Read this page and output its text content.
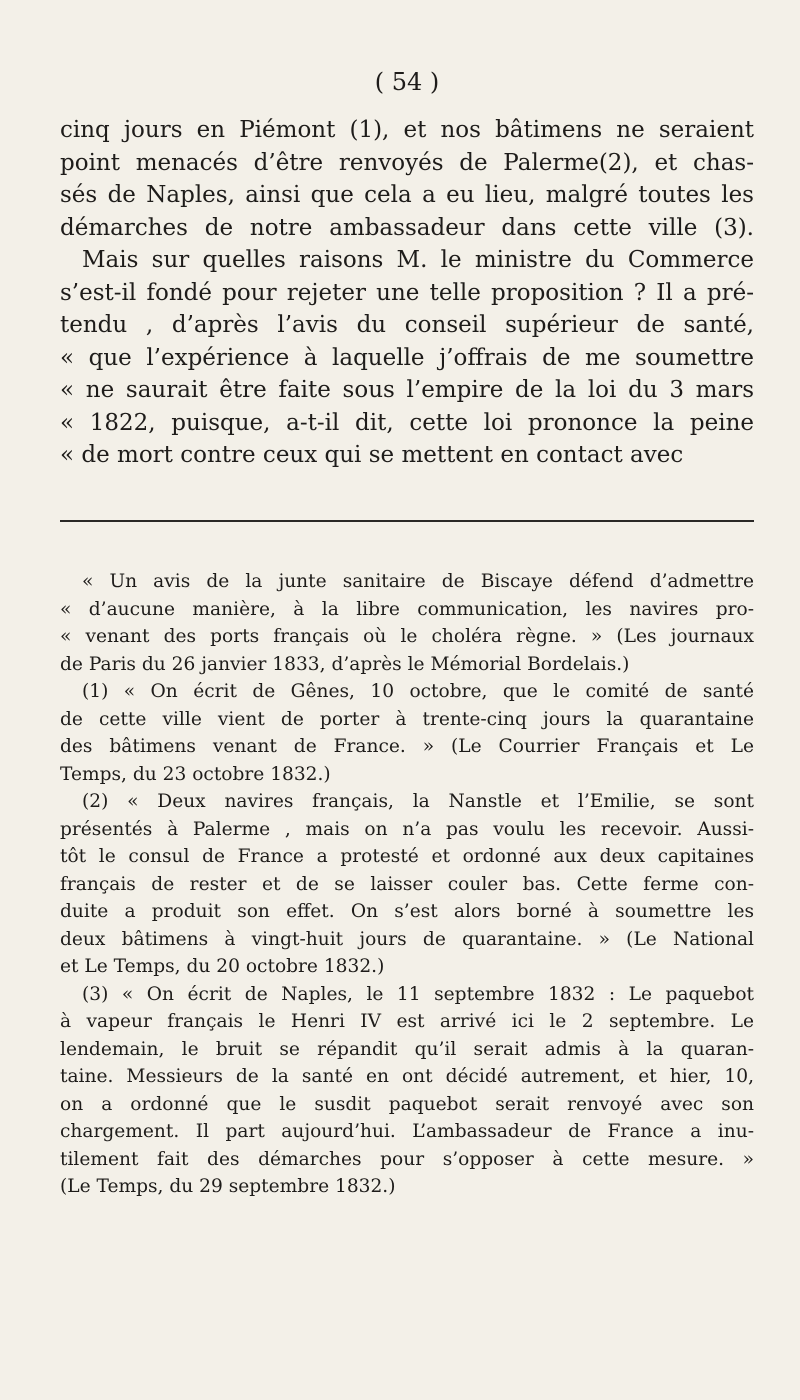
( 54 )
cinq jours en Piémont (1), et nos bâtimens ne seraient
point menacés d’être renvoyés de Palerme(2), et chas-
sés de Naples, ainsi que cela a eu lieu, malgré toutes les
démarches de notre ambassadeur dans cette ville (3).
Mais sur quelles raisons M. le ministre du Commerce
s’est-il fondé pour rejeter une telle proposition ? Il a pré-
tendu , d’après l’avis du conseil supérieur de santé,
« que l’expérience à laquelle j’offrais de me soumettre
« ne saurait être faite sous l’empire de la loi du 3 mars
« 1822, puisque, a-t-il dit, cette loi prononce la peine
« de mort contre ceux qui se mettent en contact avec
« Un avis de la junte sanitaire de Biscaye défend d’admettre
« d’aucune manière, à la libre communication, les navires pro-
« venant des ports français où le choléra règne. » (Les journaux
de Paris du 26 janvier 1833, d’après le Mémorial Bordelais.)
(1) « On écrit de Gênes, 10 octobre, que le comité de santé
de cette ville vient de porter à trente-cinq jours la quarantaine
des bâtimens venant de France. » (Le Courrier Français et Le
Temps, du 23 octobre 1832.)
(2) « Deux navires français, la Nanstle et l’Emilie, se sont
présentés à Palerme , mais on n’a pas voulu les recevoir. Aussi-
tôt le consul de France a protesté et ordonné aux deux capitaines
français de rester et de se laisser couler bas. Cette ferme con-
duite a produit son effet. On s’est alors borné à soumettre les
deux bâtimens à vingt-huit jours de quarantaine. » (Le National
et Le Temps, du 20 octobre 1832.)
(3) « On écrit de Naples, le 11 septembre 1832 : Le paquebot
à vapeur français le Henri IV est arrivé ici le 2 septembre. Le
lendemain, le bruit se répandit qu’il serait admis à la quaran-
taine. Messieurs de la santé en ont décidé autrement, et hier, 10,
on a ordonné que le susdit paquebot serait renvoyé avec son
chargement. Il part aujourd’hui. L’ambassadeur de France a inu-
tilement fait des démarches pour s’opposer à cette mesure. »
(Le Temps, du 29 septembre 1832.)
